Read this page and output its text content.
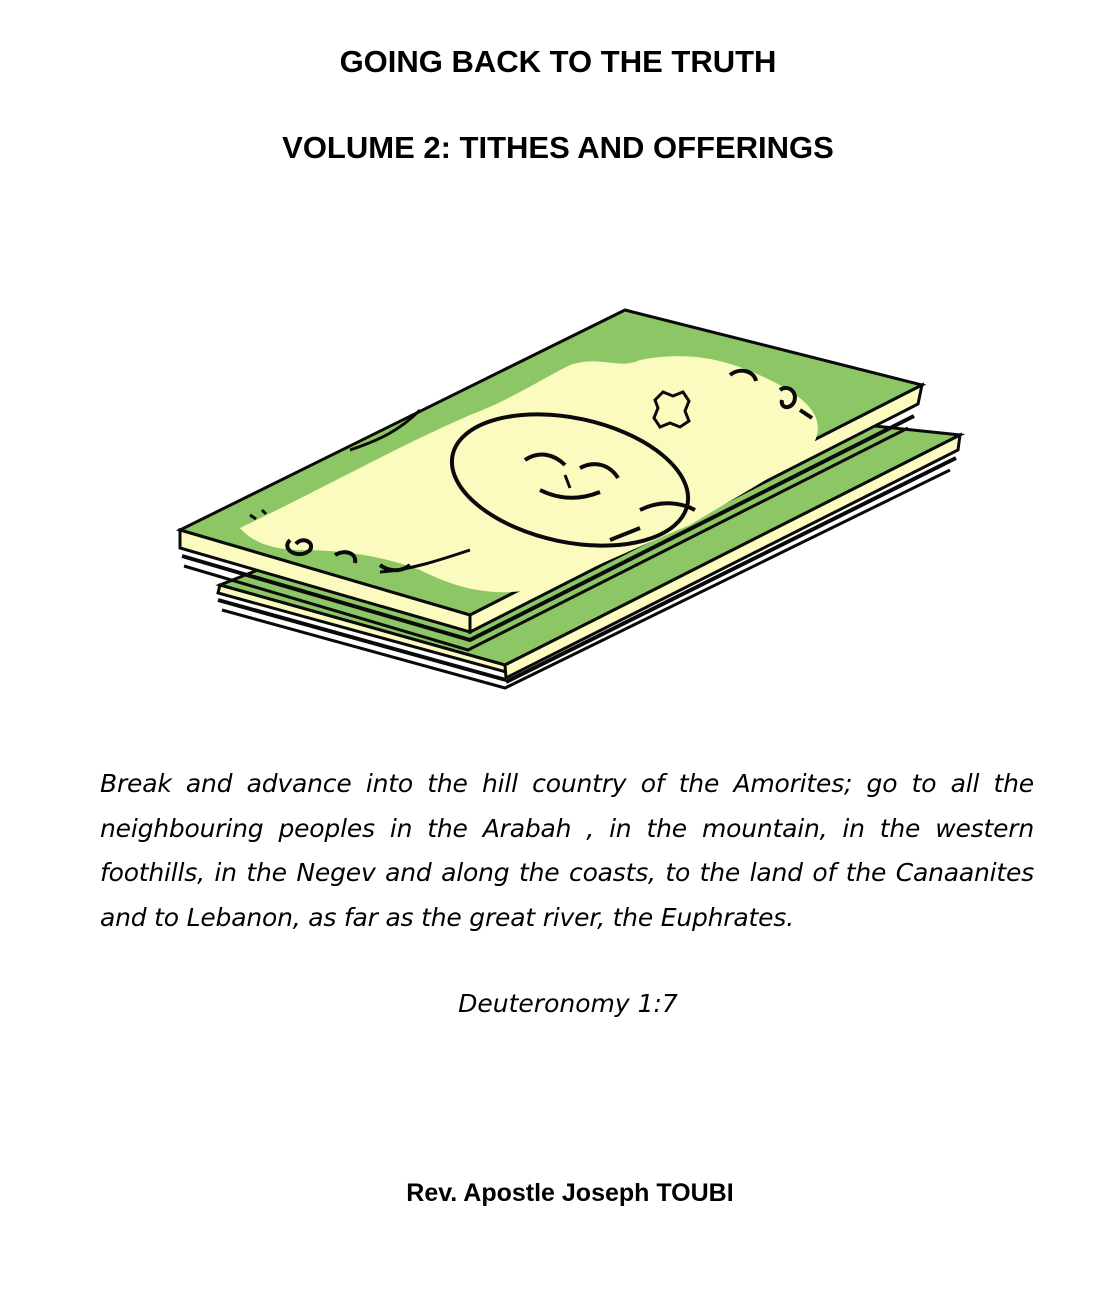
GOING BACK TO THE TRUTH
VOLUME 2: TITHES AND OFFERINGS

Break and advance into the hill country of the Amorites; go to all the neighbouring peoples in the Arabah , in the mountain, in the western foothills, in the Negev and along the coasts, to the land of the Canaanites and to Lebanon, as far as the great river, the Euphrates.

Deuteronomy 1:7

Rev. Apostle Joseph TOUBI
